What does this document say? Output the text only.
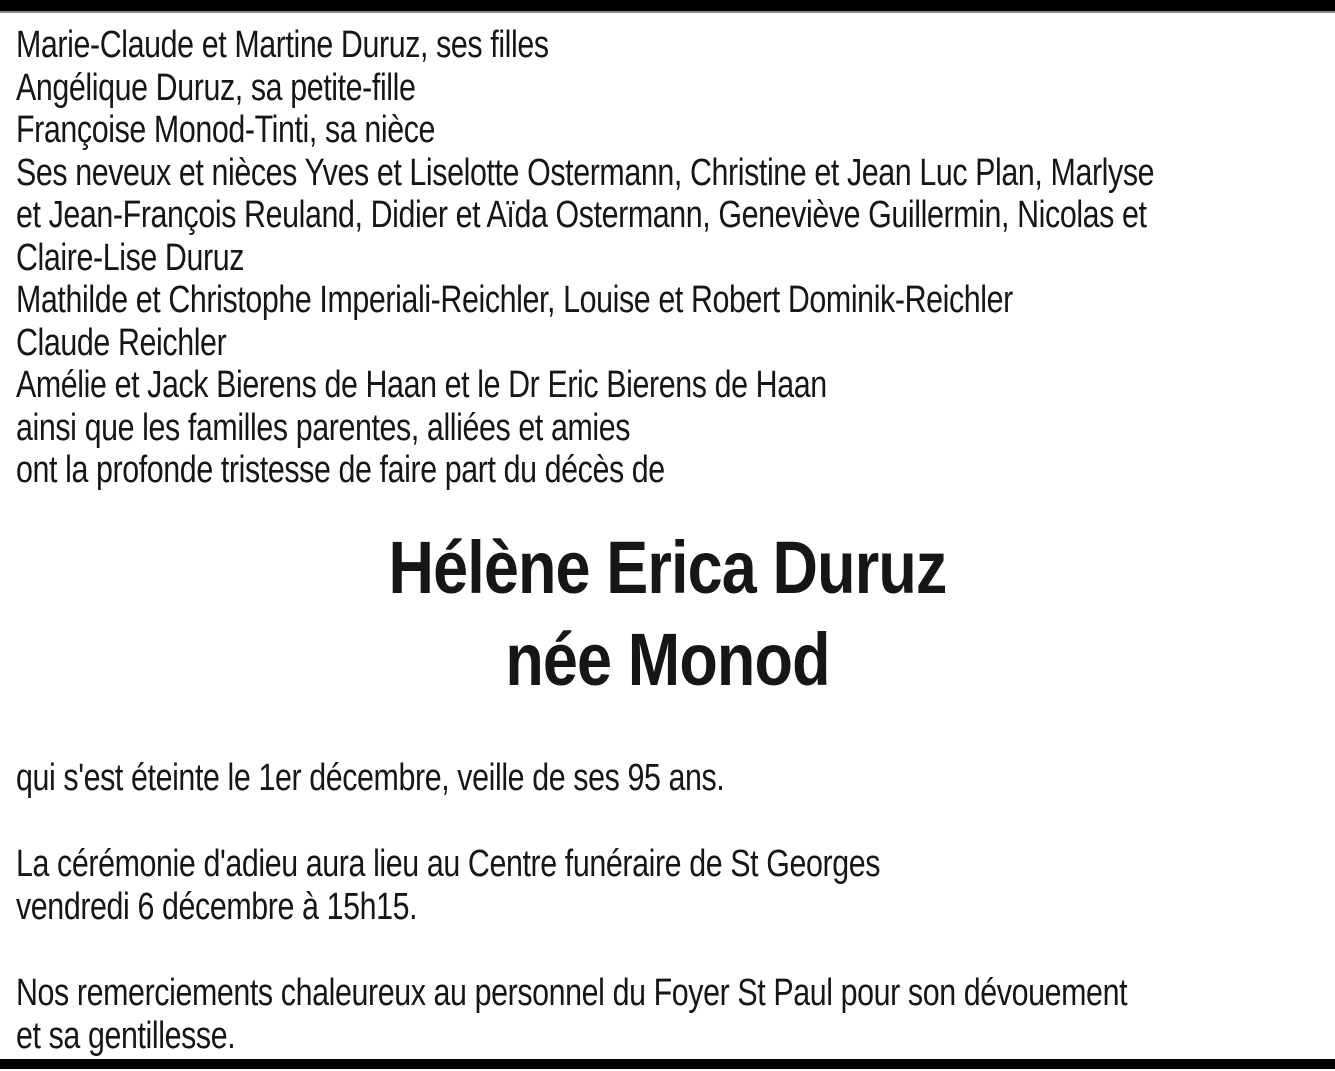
Marie-Claude et Martine Duruz, ses filles
Angélique Duruz, sa petite-fille
Françoise Monod-Tinti, sa nièce
Ses neveux et nièces Yves et Liselotte Ostermann, Christine et Jean Luc Plan, Marlyse
et Jean-François Reuland, Didier et Aïda Ostermann, Geneviève Guillermin, Nicolas et
Claire-Lise Duruz
Mathilde et Christophe Imperiali-Reichler, Louise et Robert Dominik-Reichler
Claude Reichler
Amélie et Jack Bierens de Haan et le Dr Eric Bierens de Haan
ainsi que les familles parentes, alliées et amies
ont la profonde tristesse de faire part du décès de
Hélène Erica Duruz
née Monod
qui s'est éteinte le 1er décembre, veille de ses 95 ans.
La cérémonie d'adieu aura lieu au Centre funéraire de St Georges
vendredi 6 décembre à 15h15.
Nos remerciements chaleureux au personnel du Foyer St Paul pour son dévouement
et sa gentillesse.
